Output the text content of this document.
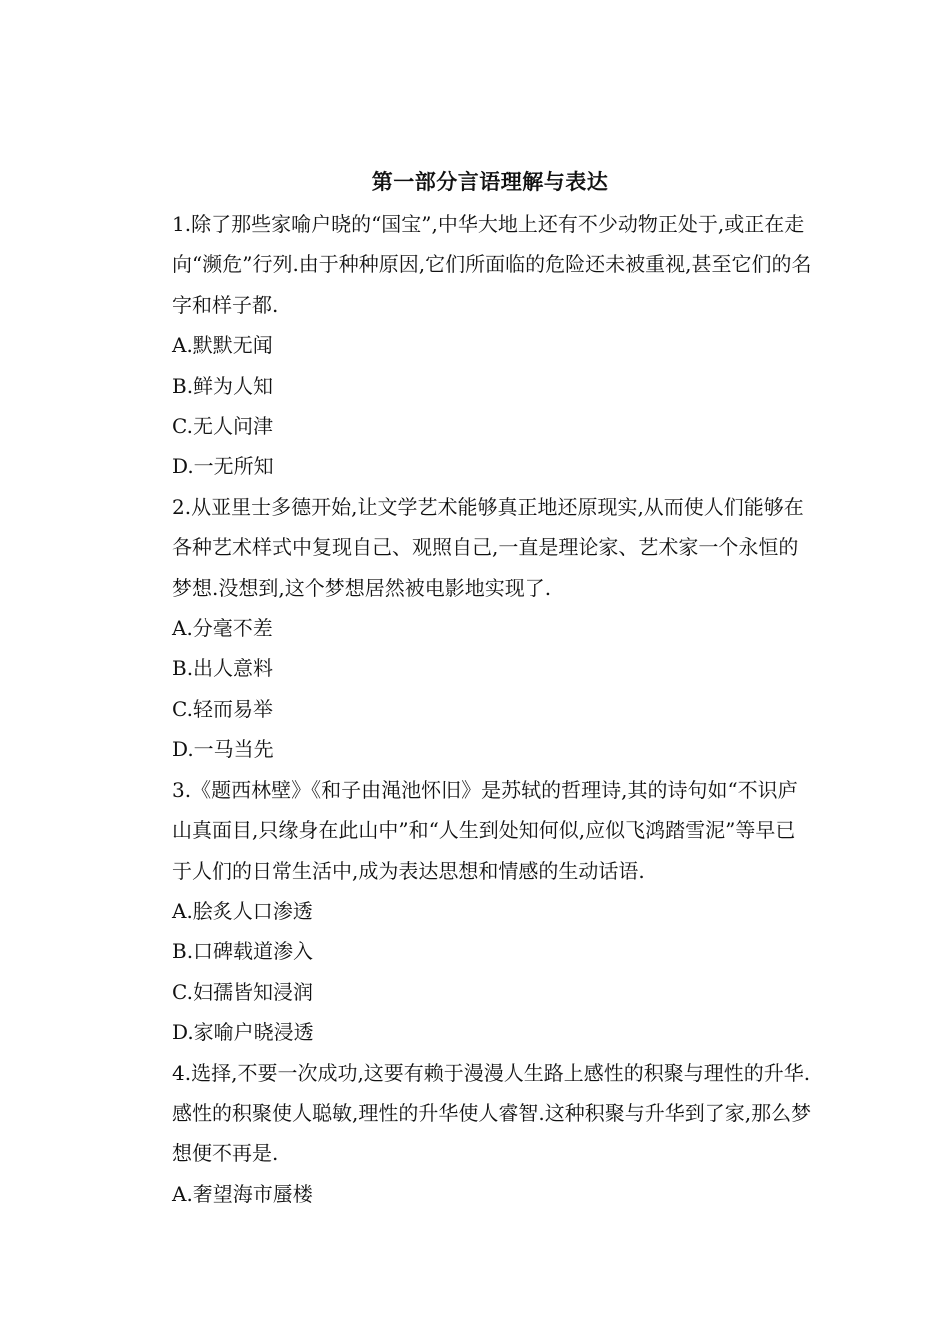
第一部分言语理解与表达

1.除了那些家喻户晓的“国宝”,中华大地上还有不少动物正处于,或正在走向“濒危”行列.由于种种原因,它们所面临的危险还未被重视,甚至它们的名字和样子都.

A.默默无闻

B.鲜为人知

C.无人问津

D.一无所知

2.从亚里士多德开始,让文学艺术能够真正地还原现实,从而使人们能够在各种艺术样式中复现自己、观照自己,一直是理论家、艺术家一个永恒的梦想.没想到,这个梦想居然被电影地实现了.

A.分毫不差

B.出人意料

C.轻而易举

D.一马当先

3.《题西林壁》《和子由渑池怀旧》是苏轼的哲理诗,其的诗句如“不识庐山真面目,只缘身在此山中”和“人生到处知何似,应似飞鸿踏雪泥”等早已于人们的日常生活中,成为表达思想和情感的生动话语.

A.脍炙人口渗透

B.口碑载道渗入

C.妇孺皆知浸润

D.家喻户晓浸透

4.选择,不要一次成功,这要有赖于漫漫人生路上感性的积聚与理性的升华.感性的积聚使人聪敏,理性的升华使人睿智.这种积聚与升华到了家,那么梦想便不再是.

A.奢望海市蜃楼
